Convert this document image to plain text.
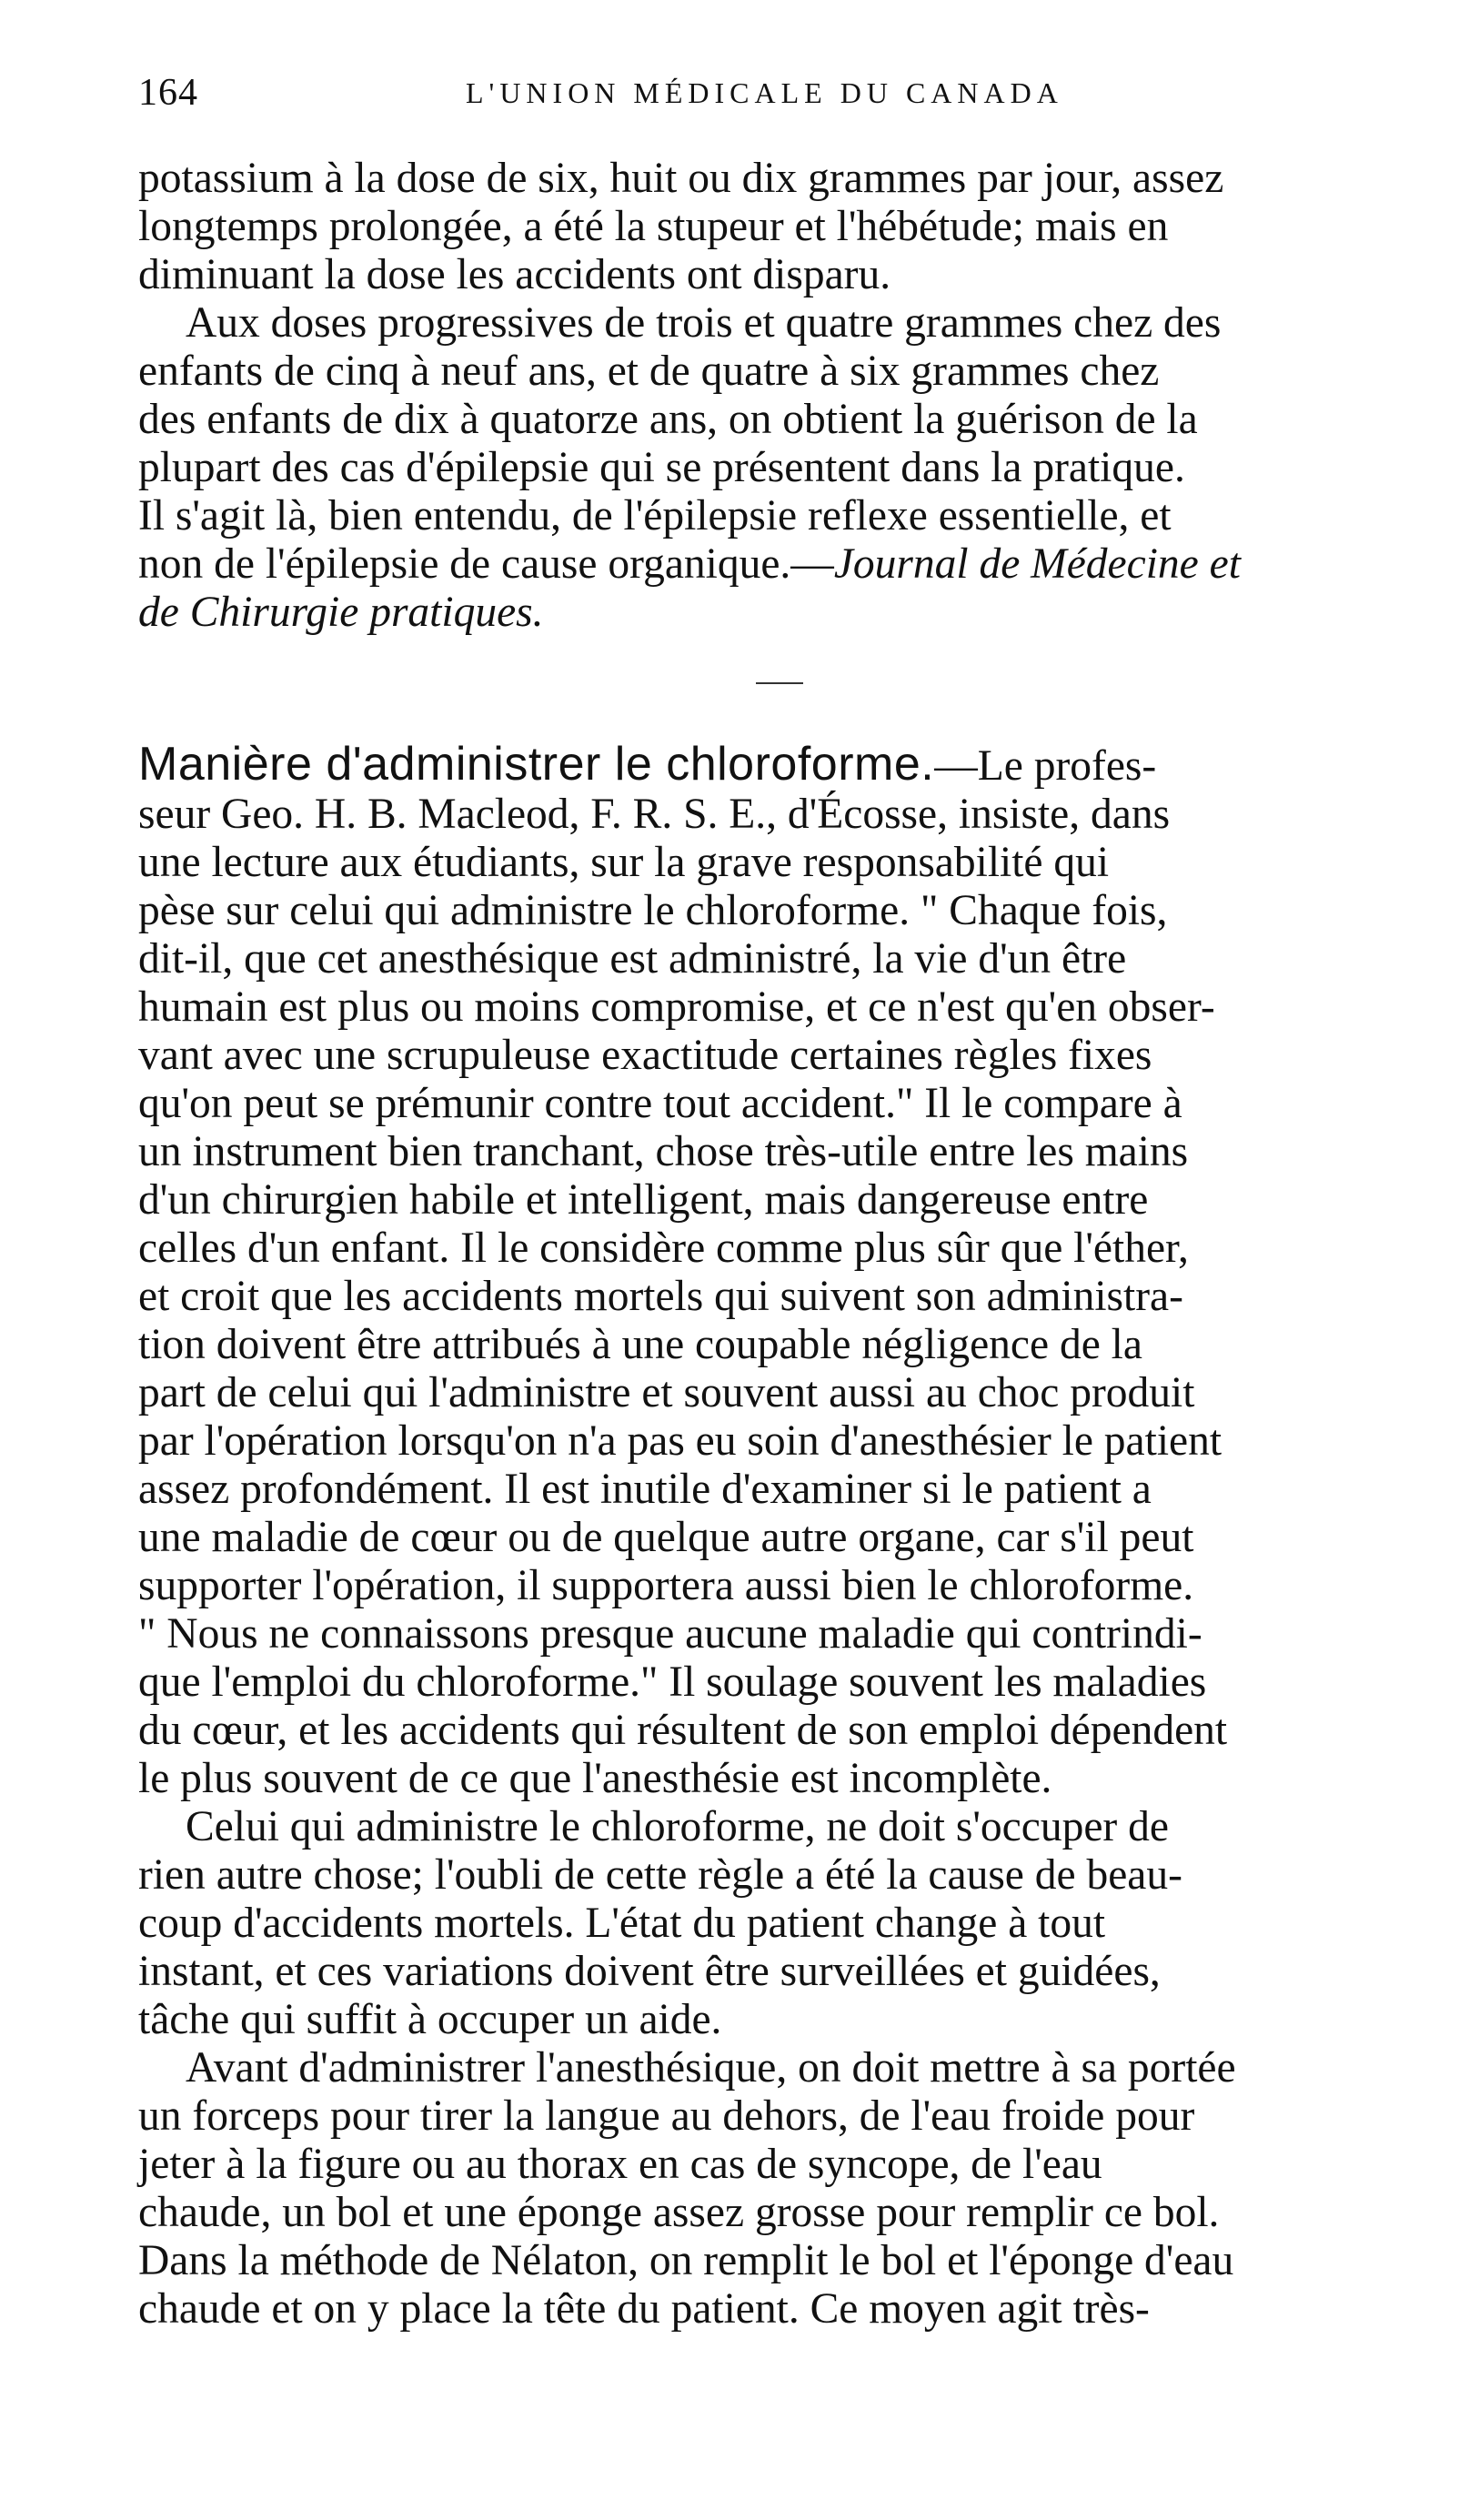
164	L'UNION MÉDICALE DU CANADA
potassium à la dose de six, huit ou dix grammes par jour, assez
longtemps prolongée, a été la stupeur et l'hébétude; mais en
diminuant la dose les accidents ont disparu.
Aux doses progressives de trois et quatre grammes chez des
enfants de cinq à neuf ans, et de quatre à six grammes chez
des enfants de dix à quatorze ans, on obtient la guérison de la
plupart des cas d'épilepsie qui se présentent dans la pratique.
Il s'agit là, bien entendu, de l'épilepsie reflexe essentielle, et
non de l'épilepsie de cause organique.—Journal de Médecine et
de Chirurgie pratiques.
Manière d'administrer le chloroforme.—Le profes-
seur Geo. H. B. Macleod, F. R. S. E., d'Écosse, insiste, dans
une lecture aux étudiants, sur la grave responsabilité qui
pèse sur celui qui administre le chloroforme. " Chaque fois,
dit-il, que cet anesthésique est administré, la vie d'un être
humain est plus ou moins compromise, et ce n'est qu'en obser-
vant avec une scrupuleuse exactitude certaines règles fixes
qu'on peut se prémunir contre tout accident." Il le compare à
un instrument bien tranchant, chose très-utile entre les mains
d'un chirurgien habile et intelligent, mais dangereuse entre
celles d'un enfant. Il le considère comme plus sûr que l'éther,
et croit que les accidents mortels qui suivent son administra-
tion doivent être attribués à une coupable négligence de la
part de celui qui l'administre et souvent aussi au choc produit
par l'opération lorsqu'on n'a pas eu soin d'anesthésier le patient
assez profondément. Il est inutile d'examiner si le patient a
une maladie de cœur ou de quelque autre organe, car s'il peut
supporter l'opération, il supportera aussi bien le chloroforme.
" Nous ne connaissons presque aucune maladie qui contrindi-
que l'emploi du chloroforme." Il soulage souvent les maladies
du cœur, et les accidents qui résultent de son emploi dépendent
le plus souvent de ce que l'anesthésie est incomplète.
Celui qui administre le chloroforme, ne doit s'occuper de
rien autre chose; l'oubli de cette règle a été la cause de beau-
coup d'accidents mortels. L'état du patient change à tout
instant, et ces variations doivent être surveillées et guidées,
tâche qui suffit à occuper un aide.
Avant d'administrer l'anesthésique, on doit mettre à sa portée
un forceps pour tirer la langue au dehors, de l'eau froide pour
jeter à la figure ou au thorax en cas de syncope, de l'eau
chaude, un bol et une éponge assez grosse pour remplir ce bol.
Dans la méthode de Nélaton, on remplit le bol et l'éponge d'eau
chaude et on y place la tête du patient. Ce moyen agit très-
